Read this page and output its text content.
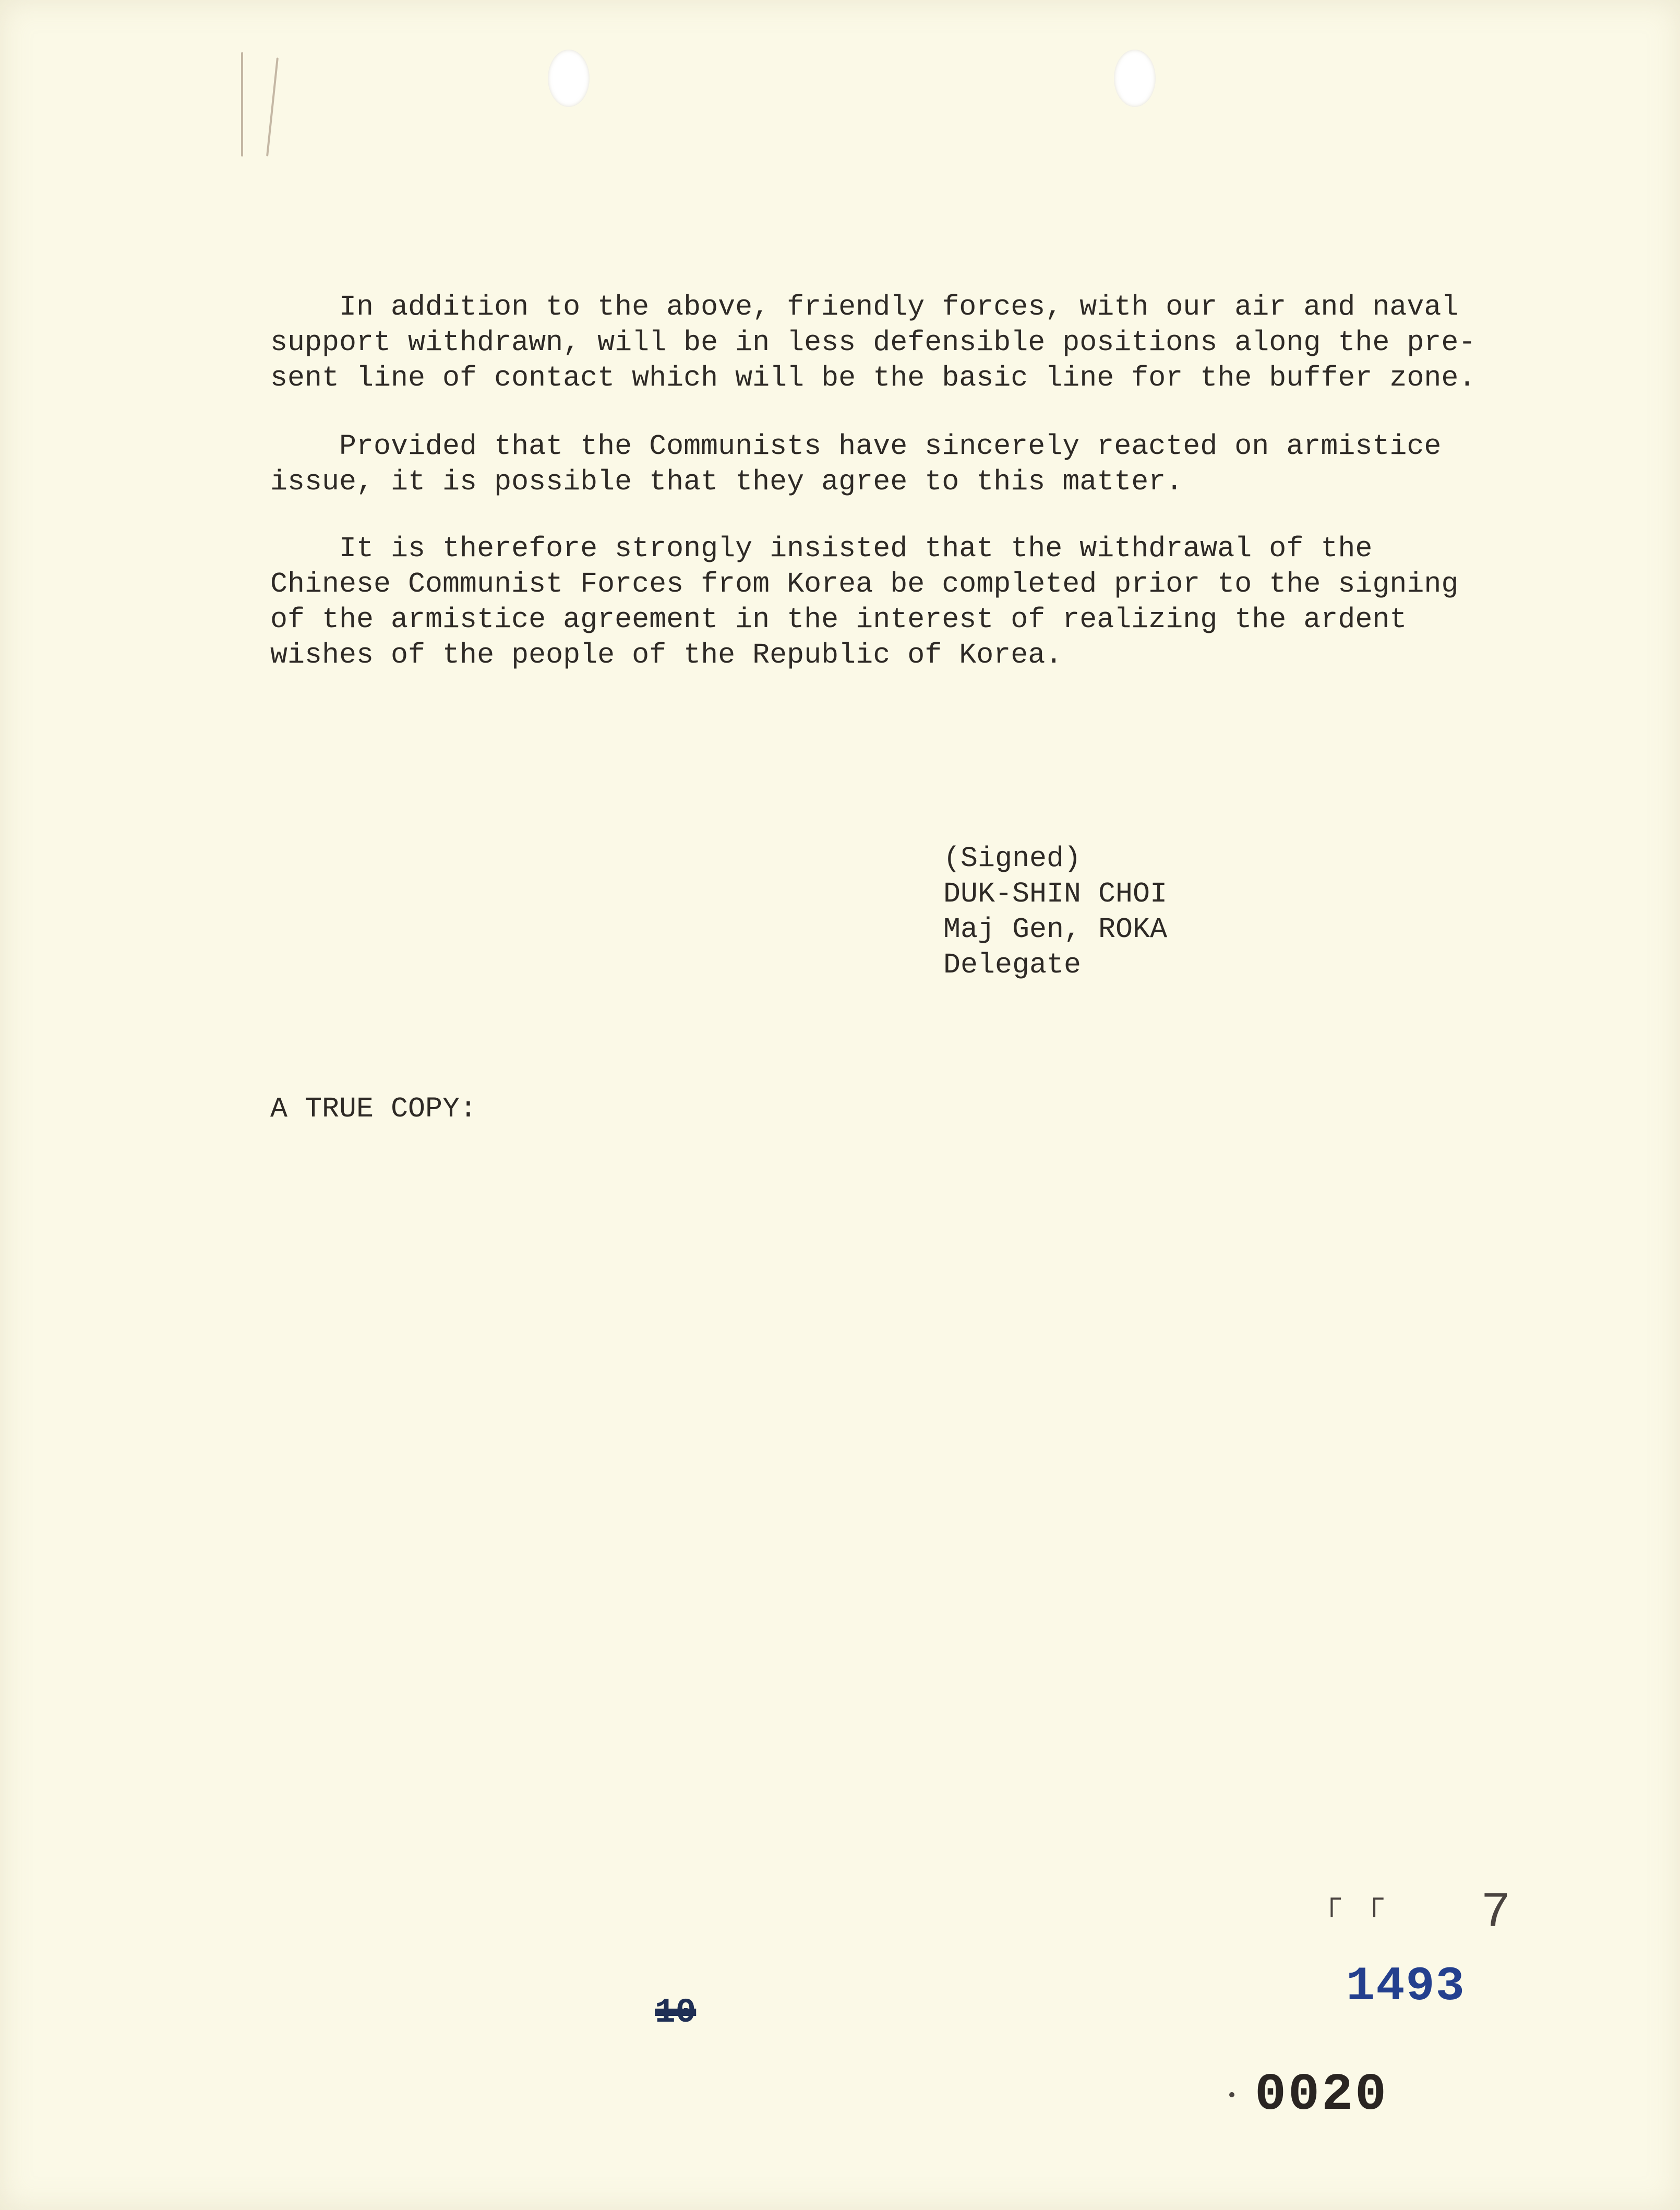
In addition to the above, friendly forces, with our air and naval
support withdrawn, will be in less defensible positions along the pre-
sent line of contact which will be the basic line for the buffer zone.

Provided that the Communists have sincerely reacted on armistice
issue, it is possible that they agree to this matter.

It is therefore strongly insisted that the withdrawal of the
Chinese Communist Forces from Korea be completed prior to the signing
of the armistice agreement in the interest of realizing the ardent
wishes of the people of the Republic of Korea.

(Signed)
DUK-SHIN CHOI
Maj Gen, ROKA
Delegate
A TRUE COPY:
┌ ┌ 7
1493
0020
10
